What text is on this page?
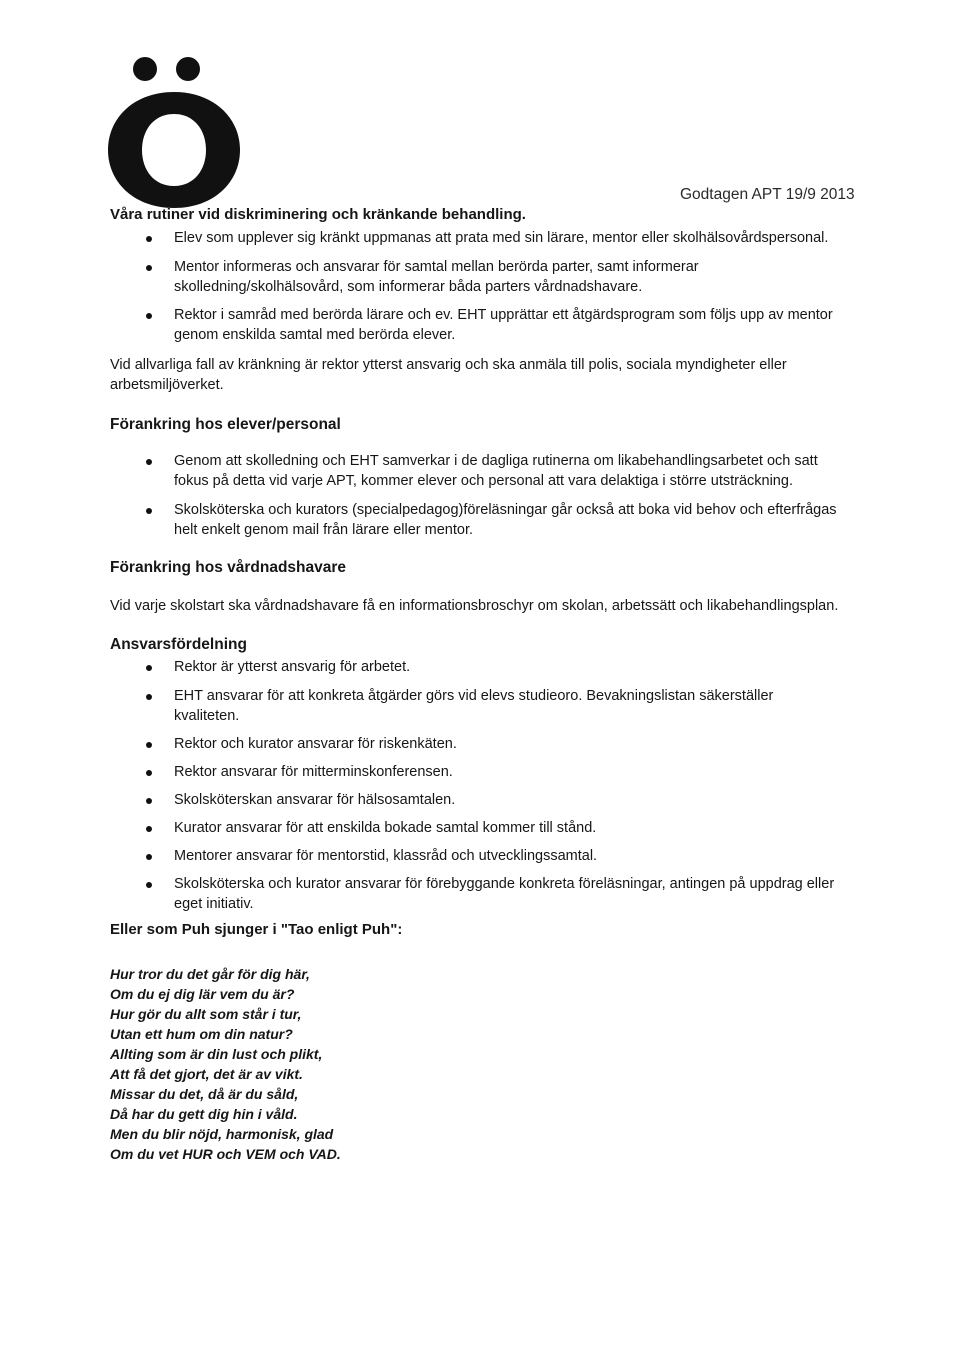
Godtagen APT 19/9 2013
Våra rutiner vid diskriminering och kränkande behandling.
Elev som upplever sig kränkt uppmanas att prata med sin lärare, mentor eller skolhälsovårdspersonal.
Mentor informeras och ansvarar för samtal mellan berörda parter, samt informerar skolledning/skolhälsovård, som informerar båda parters vårdnadshavare.
Rektor i samråd med berörda lärare och ev. EHT upprättar ett åtgärdsprogram som följs upp av mentor genom enskilda samtal med berörda elever.

Vid allvarliga fall av kränkning är rektor ytterst ansvarig och ska anmäla till polis, sociala myndigheter eller arbetsmiljöverket.

Förankring hos elever/personal
Genom att skolledning och EHT samverkar i de dagliga rutinerna om likabehandlingsarbetet och satt fokus på detta vid varje APT, kommer elever och personal att vara delaktiga i större utsträckning.
Skolsköterska och kurators (specialpedagog)föreläsningar går också att boka vid behov och efterfrågas helt enkelt genom mail från lärare eller mentor.
Förankring hos vårdnadshavare

Vid varje skolstart ska vårdnadshavare få en informationsbroschyr om skolan, arbetssätt och likabehandlingsplan.

Ansvarsfördelning
Rektor är ytterst ansvarig för arbetet.
EHT ansvarar för att konkreta åtgärder görs vid elevs studieoro. Bevakningslistan säkerställer kvaliteten.
Rektor och kurator ansvarar för riskenkäten.
Rektor ansvarar för mitterminskonferensen.
Skolsköterskan ansvarar för hälsosamtalen.
Kurator ansvarar för att enskilda bokade samtal kommer till stånd.
Mentorer ansvarar för mentorstid, klassråd och utvecklingssamtal.
Skolsköterska och kurator ansvarar för förebyggande konkreta föreläsningar, antingen på uppdrag eller eget initiativ.

Eller som Puh sjunger i "Tao enligt Puh":

Hur tror du det går för dig här,
Om du ej dig lär vem du är?
Hur gör du allt som står i tur,
Utan ett hum om din natur?
Allting som är din lust och plikt,
Att få det gjort, det är av vikt.
Missar du det, då är du såld,
Då har du gett dig hin i våld.
Men du blir nöjd, harmonisk, glad
Om du vet HUR och VEM och VAD.
